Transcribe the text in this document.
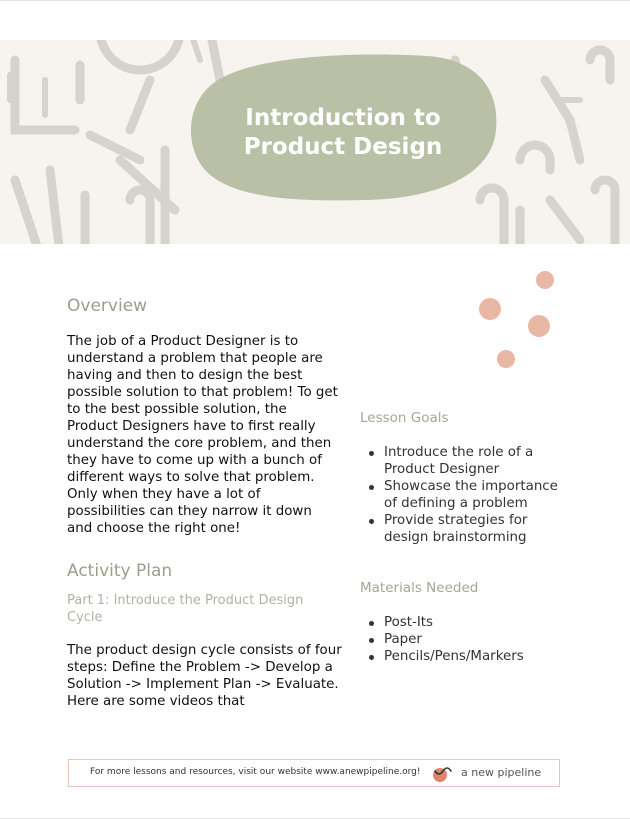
Introduction to
Product Design
Overview
The job of a Product Designer is to understand a problem that people are having and then to design the best possible solution to that problem! To get to the best possible solution, the Product Designers have to first really understand the core problem, and then they have to come up with a bunch of different ways to solve that problem. Only when they have a lot of possibilities can they narrow it down and choose the right one!
Activity Plan
Part 1: Introduce the Product Design Cycle
The product design cycle consists of four steps: Define the Problem -> Develop a Solution -> Implement Plan -> Evaluate. Here are some videos that
Lesson Goals
Introduce the role of a Product Designer
Showcase the importance of defining a problem
Provide strategies for design brainstorming
Materials Needed
Post-Its
Paper
Pencils/Pens/Markers
For more lessons and resources, visit our website www.anewpipeline.org!	a new pipeline
